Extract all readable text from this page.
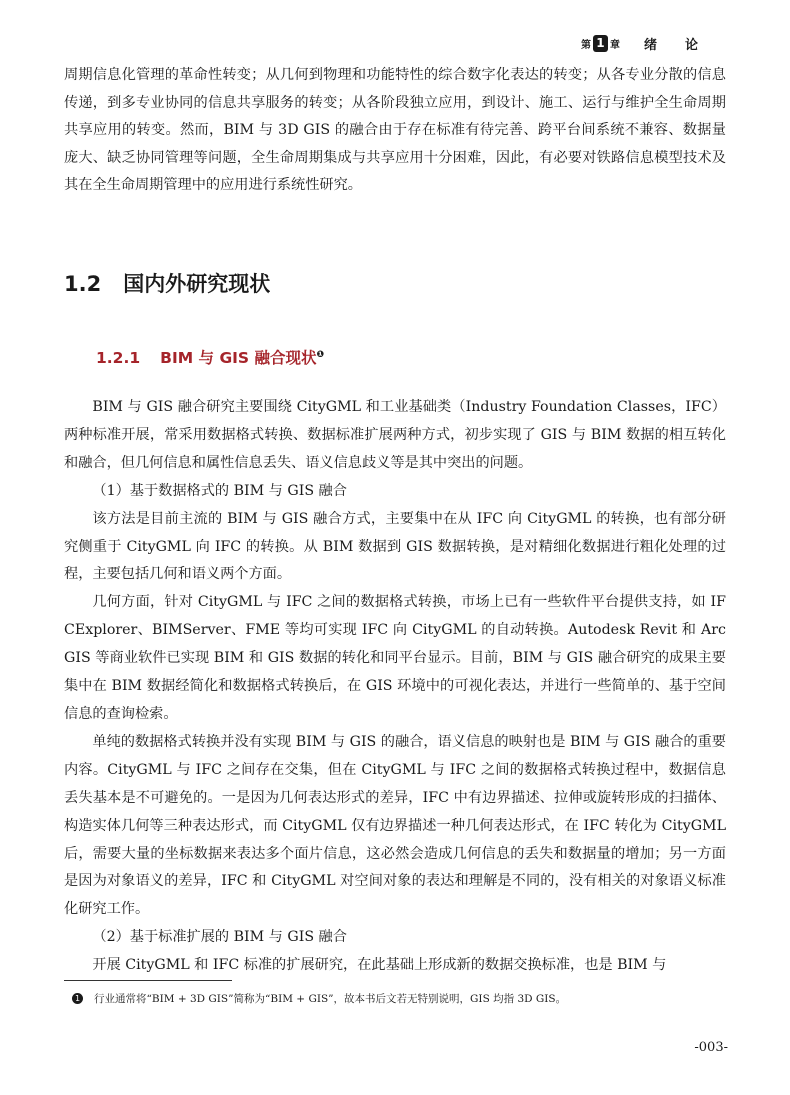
第 1 章 绪论

周期信息化管理的革命性转变；从几何到物理和功能特性的综合数字化表达的转变；从各专业分散的信息传递，到多专业协同的信息共享服务的转变；从各阶段独立应用，到设计、施工、运行与维护全生命周期共享应用的转变。然而，BIM 与 3D GIS 的融合由于存在标准有待完善、跨平台间系统不兼容、数据量庞大、缺乏协同管理等问题，全生命周期集成与共享应用十分困难，因此，有必要对铁路信息模型技术及其在全生命周期管理中的应用进行系统性研究。

1.2 国内外研究现状
1.2.1 BIM 与 GIS 融合现状$^❶$

BIM 与 GIS 融合研究主要围绕 CityGML 和工业基础类（Industry Foundation Classes，IFC）两种标准开展，常采用数据格式转换、数据标准扩展两种方式，初步实现了 GIS 与 BIM 数据的相互转化和融合，但几何信息和属性信息丢失、语义信息歧义等是其中突出的问题。

（1）基于数据格式的 BIM 与 GIS 融合

该方法是目前主流的 BIM 与 GIS 融合方式，主要集中在从 IFC 向 CityGML 的转换，也有部分研究侧重于 CityGML 向 IFC 的转换。从 BIM 数据到 GIS 数据转换，是对精细化数据进行粗化处理的过程，主要包括几何和语义两个方面。

几何方面，针对 CityGML 与 IFC 之间的数据格式转换，市场上已有一些软件平台提供支持，如 IFCExplorer、BIMServer、FME 等均可实现 IFC 向 CityGML 的自动转换。Autodesk Revit 和 ArcGIS 等商业软件已实现 BIM 和 GIS 数据的转化和同平台显示。目前，BIM 与 GIS 融合研究的成果主要集中在 BIM 数据经简化和数据格式转换后，在 GIS 环境中的可视化表达，并进行一些简单的、基于空间信息的查询检索。

单纯的数据格式转换并没有实现 BIM 与 GIS 的融合，语义信息的映射也是 BIM 与 GIS 融合的重要内容。CityGML 与 IFC 之间存在交集，但在 CityGML 与 IFC 之间的数据格式转换过程中，数据信息丢失基本是不可避免的。一是因为几何表达形式的差异，IFC 中有边界描述、拉伸或旋转形成的扫描体、构造实体几何等三种表达形式，而 CityGML 仅有边界描述一种几何表达形式，在 IFC 转化为 CityGML 后，需要大量的坐标数据来表达多个面片信息，这必然会造成几何信息的丢失和数据量的增加；另一方面是因为对象语义的差异，IFC 和 CityGML 对空间对象的表达和理解是不同的，没有相关的对象语义标准化研究工作。

（2）基于标准扩展的 BIM 与 GIS 融合

开展 CityGML 和 IFC 标准的扩展研究，在此基础上形成新的数据交换标准，也是 BIM 与

1 行业通常将“BIM + 3D GIS”简称为“BIM + GIS”，故本书后文若无特别说明，GIS 均指 3D GIS。

-003-
